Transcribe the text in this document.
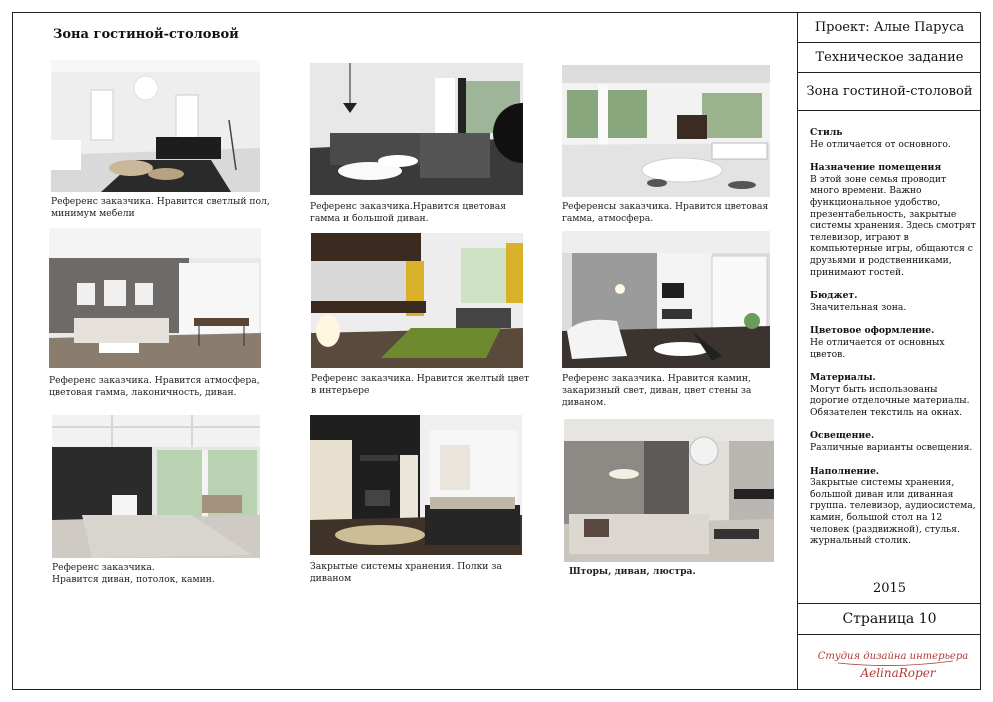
Зона гостиной-столовой
Референс заказчика. Нравится светлый пол, минимум мебели
Референс заказчика.Нравится цветовая гамма и большой диван.
Референсы заказчика. Нравится цветовая гамма, атмосфера.
Референс заказчика. Нравится атмосфера, цветовая гамма, лаконичность, диван.
Референс заказчика. Нравится желтый цвет в интерьере
Референс заказчика. Нравится камин, закаризный свет, диван, цвет стены за диваном.
Референс заказчика.
Нравится диван, потолок, камин.
Закрытые системы хранения. Полки за диваном
Шторы, диван, люстра.
Проект: Алые Паруса
Техническое задание
Зона гостиной-столовой
Стиль
Не отличается от основного.
Назначение помещения
В этой зоне семья проводит много времени. Важно функциональное удобство, презентабельность, закрытые системы хранения. Здесь смотрят телевизор, играют в компьютерные игры, общаются с друзьями и родственниками, принимают гостей.
Бюджет.
Значительная зона.
Цветовое оформление.
Не отличается от основных цветов.
Материалы.
Могут быть использованы дорогие отделочные материалы. Обязателен текстиль на окнах.
Освещение.
Различные варианты освещения.
Наполнение.
Закрытые системы хранения, большой диван или диванная группа. телевизор, аудиосистема, камин, большой стол на 12 человек (раздвижной), стулья. журнальный столик.
2015
Страница 10
Студия дизайна интерьера
AelinaRoper
